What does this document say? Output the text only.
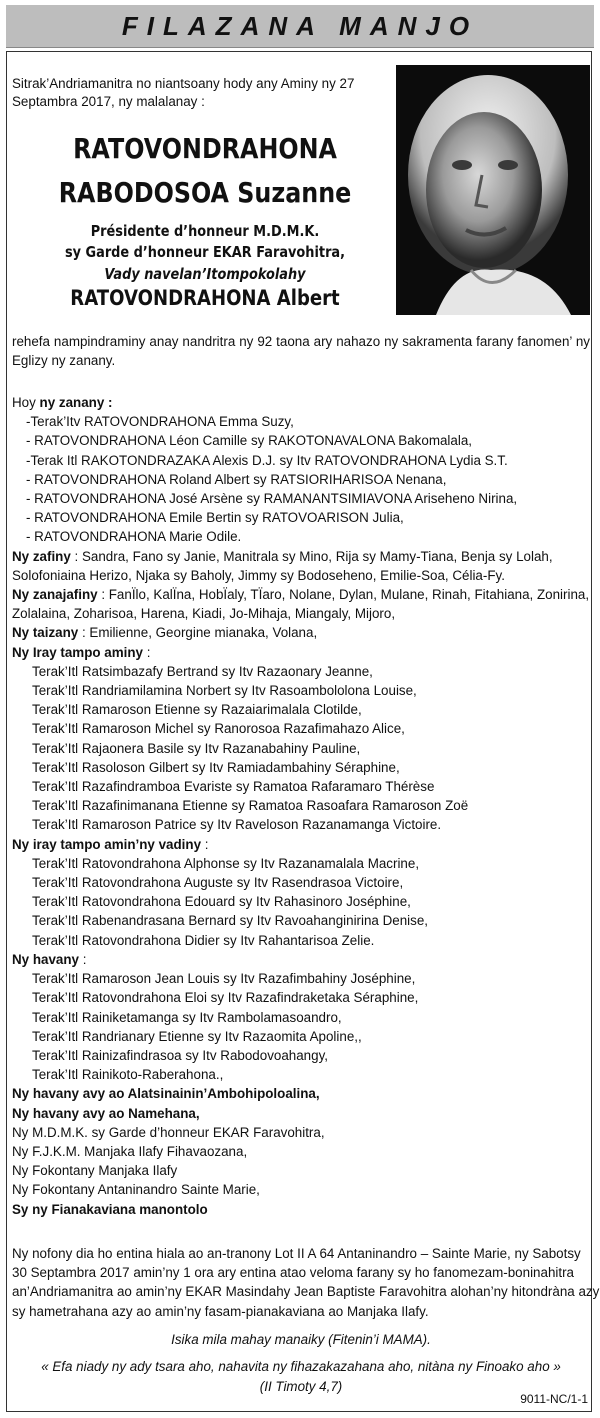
FILAZANA MANJO
Sitrak’Andriamanitra no niantsoany hody any Aminy ny 27 Septambra 2017, ny malalanay :
RATOVONDRAHONA
RABODOSOA Suzanne
Présidente d’honneur M.D.M.K.
sy Garde d’honneur EKAR Faravohitra,
Vady navelan’Itompokolahy
RATOVONDRAHONA Albert
rehefa nampindraminy anay nandritra ny 92 taona ary nahazo ny sakramenta farany fanomen’ ny Eglizy ny zanany.
Hoy ny zanany :
-Terak’Itv RATOVONDRAHONA Emma Suzy,
- RATOVONDRAHONA Léon Camille sy RAKOTONAVALONA Bakomalala,
-Terak Itl RAKOTONDRAZAKA Alexis D.J. sy Itv RATOVONDRAHONA Lydia S.T.
- RATOVONDRAHONA Roland Albert sy RATSIORIHARISOA Nenana,
- RATOVONDRAHONA José Arsène sy RAMANANTSIMIAVONA Ariseheno Nirina,
- RATOVONDRAHONA Emile Bertin sy RATOVOARISON Julia,
- RATOVONDRAHONA Marie Odile.
Ny zafiny : Sandra, Fano sy Janie, Manitrala sy Mino, Rija sy Mamy-Tiana, Benja sy Lolah,
Solofoniaina Herizo, Njaka sy Baholy, Jimmy sy Bodoseheno, Emilie-Soa, Célia-Fy.
Ny zanajafiny : FanÏlo, KalÏna, HobÏaly, TÏaro, Nolane, Dylan, Mulane, Rinah, Fitahiana, Zonirina,
Zolalaina, Zoharisoa, Harena, Kiadi, Jo-Mihaja, Miangaly, Mijoro,
Ny taizany : Emilienne, Georgine mianaka, Volana,
Ny Iray tampo aminy :
Terak’Itl Ratsimbazafy Bertrand sy Itv Razaonary Jeanne,
Terak’Itl Randriamilamina Norbert sy Itv Rasoambololona Louise,
Terak’Itl Ramaroson Etienne sy Razaiarimalala Clotilde,
Terak’Itl Ramaroson Michel sy Ranorosoa Razafimahazo Alice,
Terak’Itl Rajaonera Basile sy Itv Razanabahiny Pauline,
Terak’Itl Rasoloson Gilbert sy Itv Ramiadambahiny Séraphine,
Terak’Itl Razafindramboa Evariste sy Ramatoa Rafaramaro Thérèse
Terak’Itl Razafinimanana Etienne sy Ramatoa Rasoafara Ramaroson Zoë
Terak’Itl Ramaroson Patrice sy Itv Raveloson Razanamanga Victoire.
Ny iray tampo amin’ny vadiny :
Terak’Itl Ratovondrahona Alphonse sy Itv Razanamalala Macrine,
Terak’Itl Ratovondrahona Auguste sy Itv Rasendrasoa Victoire,
Terak’Itl Ratovondrahona Edouard sy Itv Rahasinoro Joséphine,
Terak’Itl Rabenandrasana Bernard sy Itv Ravoahanginirina Denise,
Terak’Itl Ratovondrahona Didier sy Itv Rahantarisoa Zelie.
Ny havany :
Terak’Itl Ramaroson Jean Louis sy Itv Razafimbahiny Joséphine,
Terak’Itl Ratovondrahona Eloi sy Itv Razafindraketaka Séraphine,
Terak’Itl Rainiketamanga sy Itv Rambolamasoandro,
Terak’Itl Randrianary Etienne sy Itv Razaomita Apoline,,
Terak’Itl Rainizafindrasoa sy Itv Rabodovoahangy,
Terak’Itl Rainikoto-Raberahona.,
Ny havany avy ao Alatsinainin’Ambohipoloalina,
Ny havany avy ao Namehana,
Ny M.D.M.K. sy Garde d’honneur EKAR Faravohitra,
Ny F.J.K.M. Manjaka Ilafy Fihavaozana,
Ny Fokontany Manjaka Ilafy
Ny Fokontany Antaninandro Sainte Marie,
Sy ny Fianakaviana manontolo
Ny nofony dia ho entina hiala ao an-tranony Lot II A 64 Antaninandro – Sainte Marie, ny Sabotsy
30 Septambra 2017 amin’ny 1 ora ary entina atao veloma farany sy ho fanomezam-boninahitra
an’Andriamanitra ao amin’ny EKAR Masindahy Jean Baptiste Faravohitra alohan’ny hitondràna azy
sy hametrahana azy ao amin’ny fasam-pianakaviana ao Manjaka Ilafy.
Isika mila mahay manaiky (Fitenin’i MAMA).
« Efa niady ny ady tsara aho, nahavita ny fihazakazahana aho, nitàna ny Finoako aho »
(II Timoty 4,7)
9011-NC/1-1
